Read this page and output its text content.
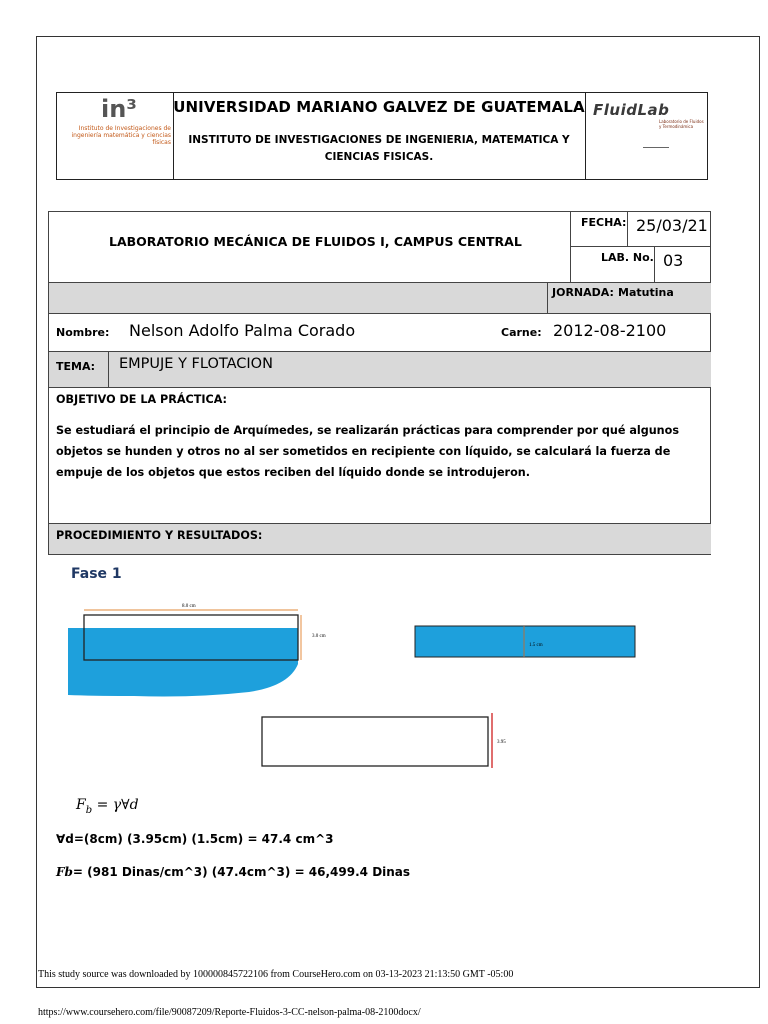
in³
Instituto de Investigaciones de ingeniería matemática y ciencias físicas
UNIVERSIDAD MARIANO GALVEZ DE GUATEMALA
INSTITUTO DE INVESTIGACIONES DE INGENIERIA, MATEMATICA Y CIENCIAS FISICAS.
FluidLab
Laboratorio de Fluidos y Termodinámica
LABORATORIO MECÁNICA DE FLUIDOS I, CAMPUS CENTRAL
FECHA: 25/03/21
LAB. No. 03
JORNADA: Matutina
Nombre: Nelson Adolfo Palma Corado	Carne: 2012-08-2100
TEMA: EMPUJE Y FLOTACION
OBJETIVO DE LA PRÁCTICA:
Se estudiará el principio de Arquímedes, se realizarán prácticas para comprender por qué algunos objetos se hunden y otros no al ser sometidos en recipiente con líquido, se calculará la fuerza de empuje de los objetos que estos reciben del líquido donde se introdujeron.
PROCEDIMIENTO Y RESULTADOS:
Fase 1
8.0 cm
3.0 cm
1.5 cm
3.95
$F_b$ = γ∀d
∀d=(8cm) (3.95cm) (1.5cm) = 47.4 cm^3
Fb= (981 Dinas/cm^3) (47.4cm^3) = 46,499.4 Dinas
This study source was downloaded by 100000845722106 from CourseHero.com on 03-13-2023 21:13:50 GMT -05:00
https://www.coursehero.com/file/90087209/Reporte-Fluidos-3-CC-nelson-palma-08-2100docx/
